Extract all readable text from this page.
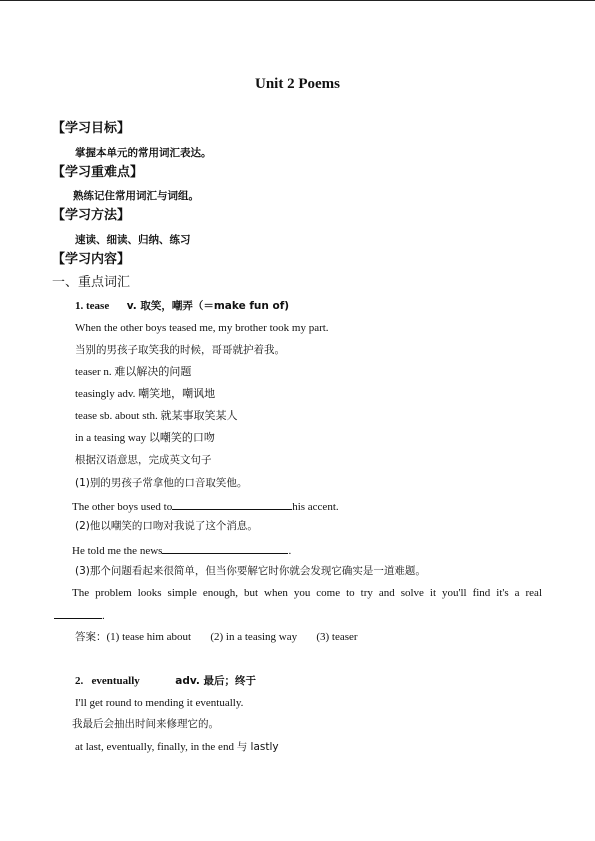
Unit 2 Poems
【学习目标】
掌握本单元的常用词汇表达。
【学习重难点】
熟练记住常用词汇与词组。
【学习方法】
速读、细读、归纳、练习
【学习内容】
一、重点词汇
1. tease v. 取笑，嘲弄（＝make fun of)
When the other boys teased me, my brother took my part.
当别的男孩子取笑我的时候，哥哥就护着我。
teaser n. 难以解决的问题
teasingly adv. 嘲笑地，嘲讽地
tease sb. about sth. 就某事取笑某人
in a teasing way 以嘲笑的口吻
根据汉语意思，完成英文句子
(1)别的男孩子常拿他的口音取笑他。
The other boys used to	his accent.
(2)他以嘲笑的口吻对我说了这个消息。
He told me the news	.
(3)那个问题看起来很简单，但当你要解它时你就会发现它确实是一道难题。
The problem looks simple enough, but when you come to try and solve it you'll find it's a real
.
答案：(1) tease him about       (2) in a teasing way       (3) teaser
2.   eventually	adv. 最后；终于
I'll get round to mending it eventually.
我最后会抽出时间来修理它的。
at last, eventually, finally, in the end 与 lastly
